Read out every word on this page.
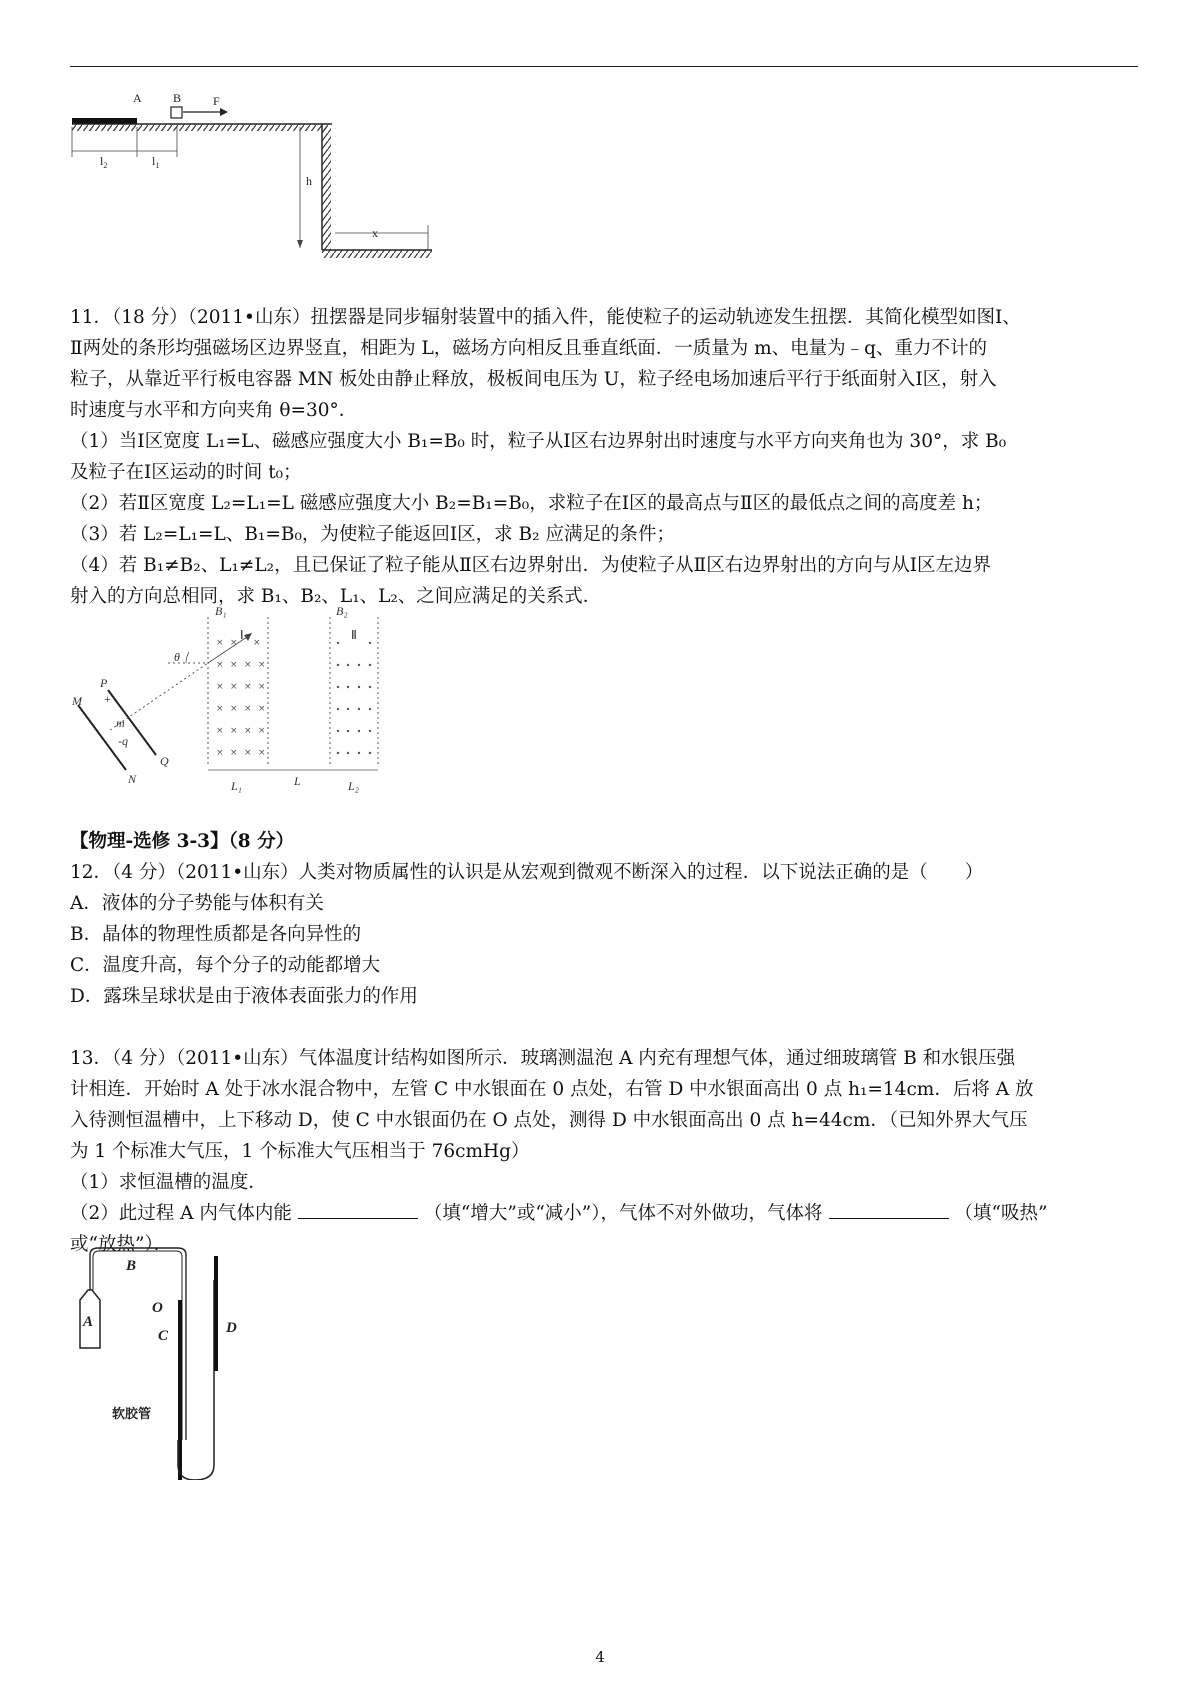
B
A	F
$l_2$	$l_1$
h
x

11．（18 分）（2011•山东）扭摆器是同步辐射装置中的插入件，能使粒子的运动轨迹发生扭摆．其简化模型如图Ⅰ、

Ⅱ两处的条形均强磁场区边界竖直，相距为 L，磁场方向相反且垂直纸面．一质量为 m、电量为﹣q、重力不计的

粒子，从靠近平行板电容器 MN 板处由静止释放，极板间电压为 U，粒子经电场加速后平行于纸面射入Ⅰ区，射入

时速度与水平和方向夹角 θ=30°．

（1）当Ⅰ区宽度 L₁=L、磁感应强度大小 B₁=B₀ 时，粒子从Ⅰ区右边界射出时速度与水平方向夹角也为 30°，求 B₀

及粒子在Ⅰ区运动的时间 t₀；

（2）若Ⅱ区宽度 L₂=L₁=L 磁感应强度大小 B₂=B₁=B₀，求粒子在Ⅰ区的最高点与Ⅱ区的最低点之间的高度差 h；

（3）若 L₂=L₁=L、B₁=B₀，为使粒子能返回Ⅰ区，求 B₂ 应满足的条件；

（4）若 B₁≠B₂、L₁≠L₂，且已保证了粒子能从Ⅱ区右边界射出．为使粒子从Ⅱ区右边界射出的方向与从Ⅰ区左边界

射入的方向总相同，求 B₁、B₂、L₁、L₂、之间应满足的关系式．

B₁	B₂
Ⅰ	Ⅱ
× × ×
× × × ×
× × × ×
× × × ×
× × × ×
× × × ×
M
N
P
Q
+
m
-q
θ
L₁	L	L₂

【物理-选修 3-3】（8 分）

12．（4 分）（2011•山东）人类对物质属性的认识是从宏观到微观不断深入的过程．以下说法正确的是（　　）

A．液体的分子势能与体积有关

B．晶体的物理性质都是各向异性的

C．温度升高，每个分子的动能都增大

D．露珠呈球状是由于液体表面张力的作用

13．（4 分）（2011•山东）气体温度计结构如图所示．玻璃测温泡 A 内充有理想气体，通过细玻璃管 B 和水银压强

计相连．开始时 A 处于冰水混合物中，左管 C 中水银面在 0 点处，右管 D 中水银面高出 0 点 h₁=14cm．后将 A 放

入待测恒温槽中，上下移动 D，使 C 中水银面仍在 O 点处，测得 D 中水银面高出 0 点 h=44cm．（已知外界大气压

为 1 个标准大气压，1 个标准大气压相当于 76cmHg）

（1）求恒温槽的温度．

（2）此过程 A 内气体内能	（填“增大”或“减小”），气体不对外做功，气体将	（填“吸热”

或“放热”）．

A
B
O
C	D
软胶管
4
